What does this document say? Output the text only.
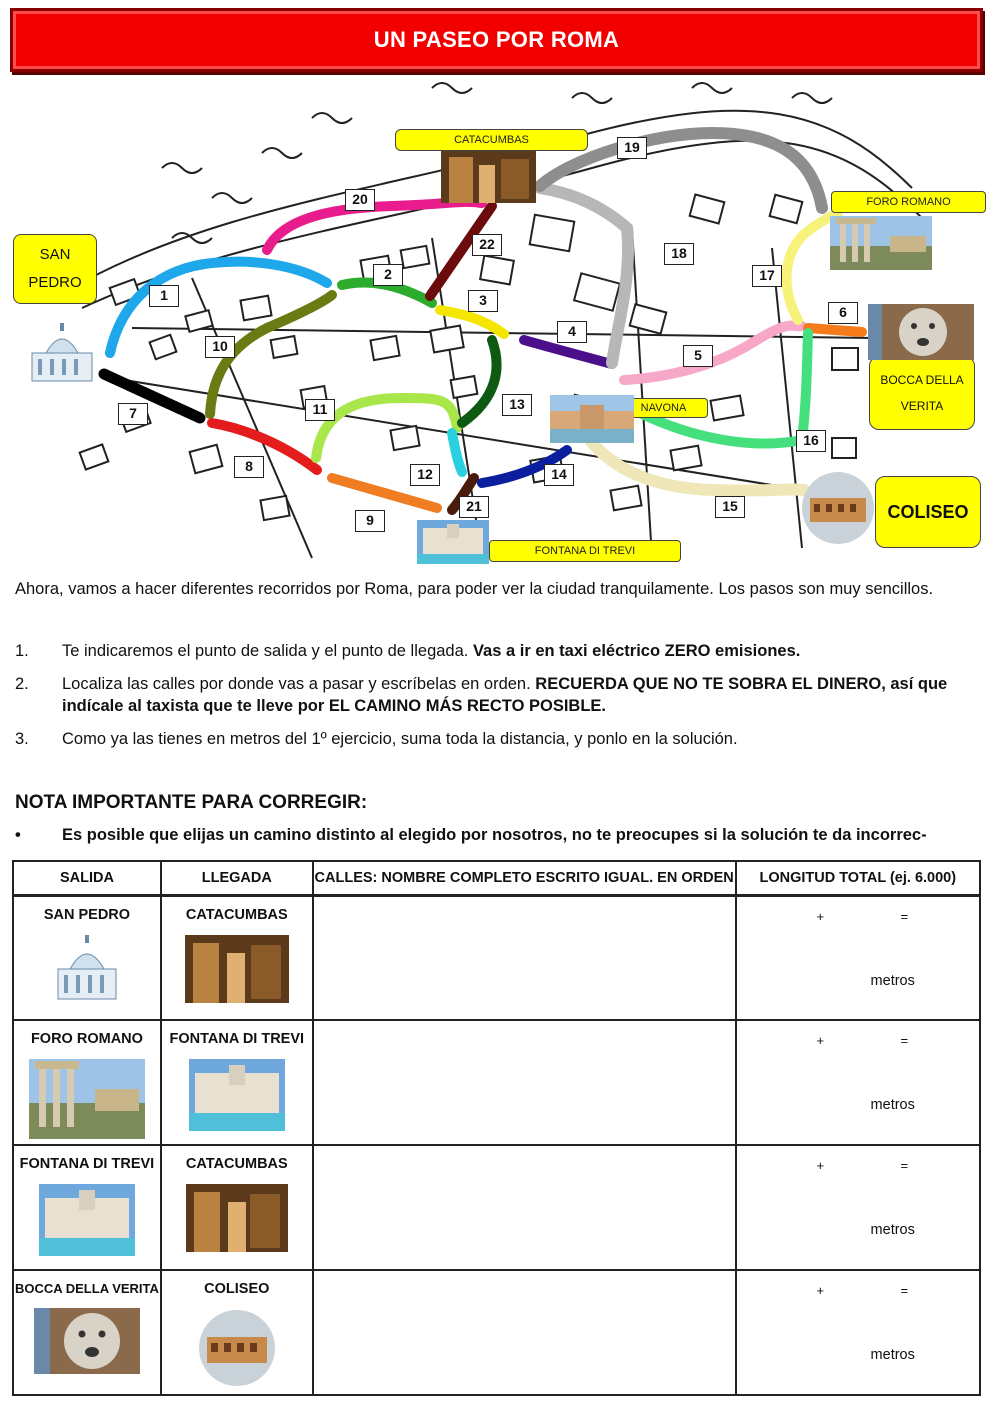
UN PASEO POR ROMA
1
2
3
4
5
6
7
8
9
10
11
12
13
14
15
16
17
18
19
20
21
22
CATACUMBAS
FORO ROMANO
SAN
PEDRO
BOCCA DELLA
VERITA
NAVONA
COLISEO
FONTANA DI TREVI
Ahora, vamos a hacer diferentes recorridos por Roma, para poder ver la ciudad tranquilamente. Los pasos son muy sencillos.
1.	Te indicaremos el punto de salida y el punto de llegada. Vas a ir en taxi eléctrico ZERO emisiones.
2.	Localiza las calles por donde vas a pasar y escríbelas en orden. RECUERDA QUE NO TE SOBRA EL DINERO, así que indícale al taxista que te lleve por EL CAMINO MÁS RECTO POSIBLE.
3.	Como ya las tienes en metros del 1º ejercicio, suma toda la distancia, y ponlo en la solución.
NOTA IMPORTANTE PARA CORREGIR:
•	Es posible que elijas un camino distinto al elegido por nosotros, no te preocupes si la solución te da incorrec-
SALIDA	LLEGADA	CALLES: NOMBRE COMPLETO ESCRITO IGUAL. EN ORDEN	LONGITUD TOTAL (ej. 6.000)

SAN PEDRO	CATACUMBAS		+ =
metros

FORO ROMANO	FONTANA DI TREVI		+ =
metros

FONTANA DI TREVI	CATACUMBAS		+ =
metros

BOCCA DELLA VERITA	COLISEO		+ =
metros
